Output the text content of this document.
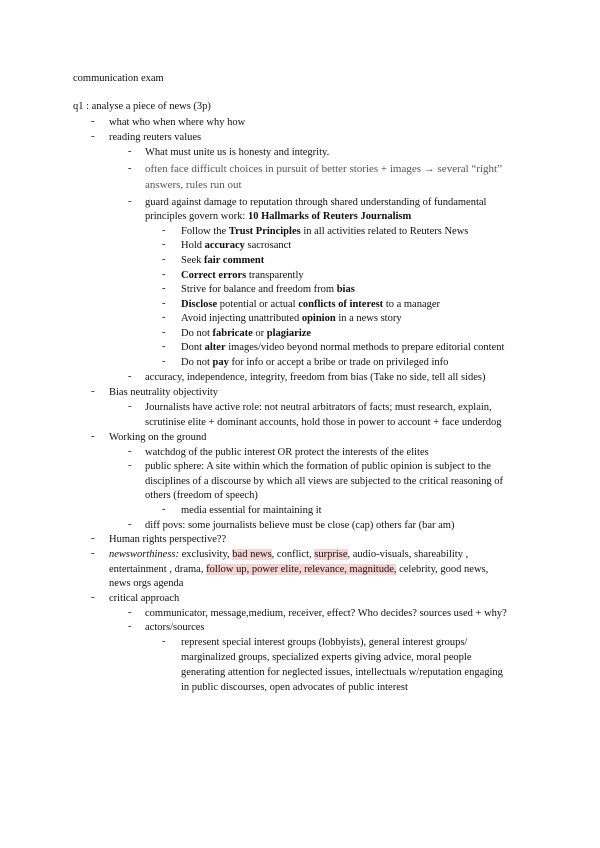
communication exam
q1 : analyse a piece of news (3p)
- what who when where why how
- reading reuters values
- What must unite us is honesty and integrity.
- often face difficult choices in pursuit of better stories + images → several “right”
answers, rules run out
- guard against damage to reputation through shared understanding of fundamental
principles govern work: 10 Hallmarks of Reuters Journalism
- Follow the Trust Principles in all activities related to Reuters News
- Hold accuracy sacrosanct
- Seek fair comment
- Correct errors transparently
- Strive for balance and freedom from bias
- Disclose potential or actual conflicts of interest to a manager
- Avoid injecting unattributed opinion in a news story
- Do not fabricate or plagiarize
- Dont alter images/video beyond normal methods to prepare editorial content
- Do not pay for info or accept a bribe or trade on privileged info
- accuracy, independence, integrity, freedom from bias (Take no side, tell all sides)
- Bias neutrality objectivity
- Journalists have active role: not neutral arbitrators of facts; must research, explain,
scrutinise elite + dominant accounts, hold those in power to account + face underdog
- Working on the ground
- watchdog of the public interest OR protect the interests of the elites
- public sphere: A site within which the formation of public opinion is subject to the
disciplines of a discourse by which all views are subjected to the critical reasoning of
others (freedom of speech)
- media essential for maintaining it
- diff povs: some journalists believe must be close (cap) others far (bar am)
- Human rights perspective??
- newsworthiness: exclusivity, bad news, conflict, surprise, audio-visuals, shareability ,
entertainment , drama, follow up, power elite, relevance, magnitude, celebrity, good news,
news orgs agenda
- critical approach
- communicator, message,medium, receiver, effect? Who decides? sources used + why?
- actors/sources
- represent special interest groups (lobbyists), general interest groups/
marginalized groups, specialized experts giving advice, moral people
generating attention for neglected issues, intellectuals w/reputation engaging
in public discourses, open advocates of public interest
